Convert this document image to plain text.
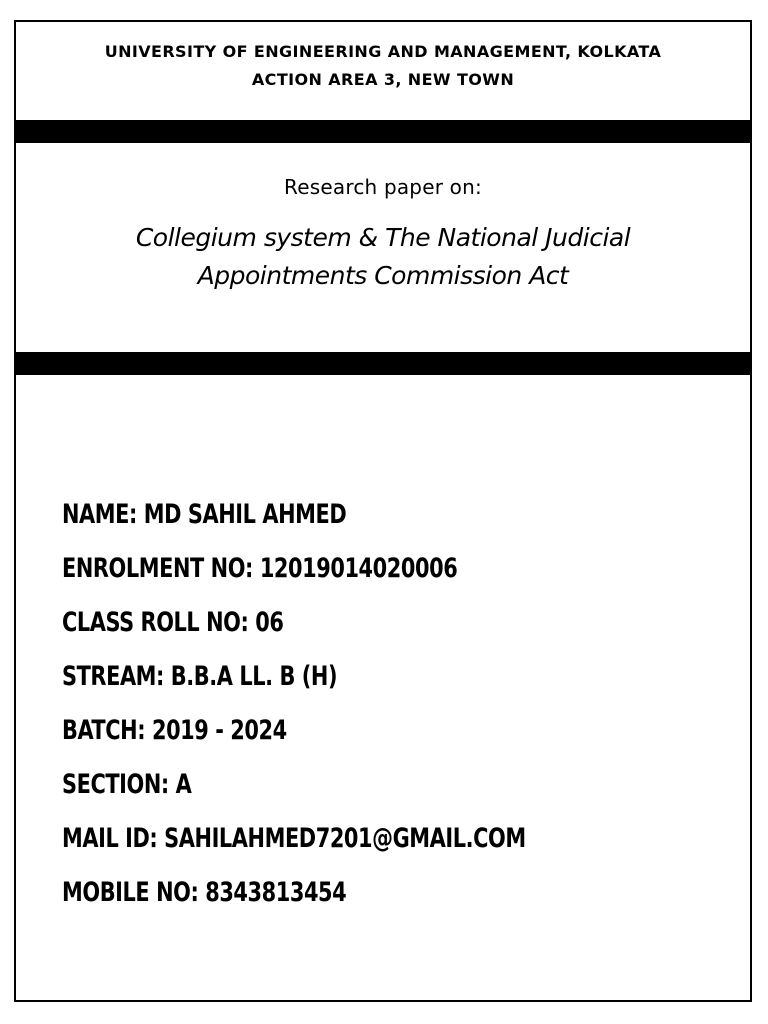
UNIVERSITY OF ENGINEERING AND MANAGEMENT, KOLKATA
ACTION AREA 3, NEW TOWN
Research paper on:
Collegium system & The National Judicial
Appointments Commission Act
NAME: MD SAHIL AHMED
ENROLMENT NO: 12019014020006
CLASS ROLL NO: 06
STREAM: B.B.A LL. B (H)
BATCH: 2019 - 2024
SECTION: A
MAIL ID: SAHILAHMED7201@GMAIL.COM
MOBILE NO: 8343813454
